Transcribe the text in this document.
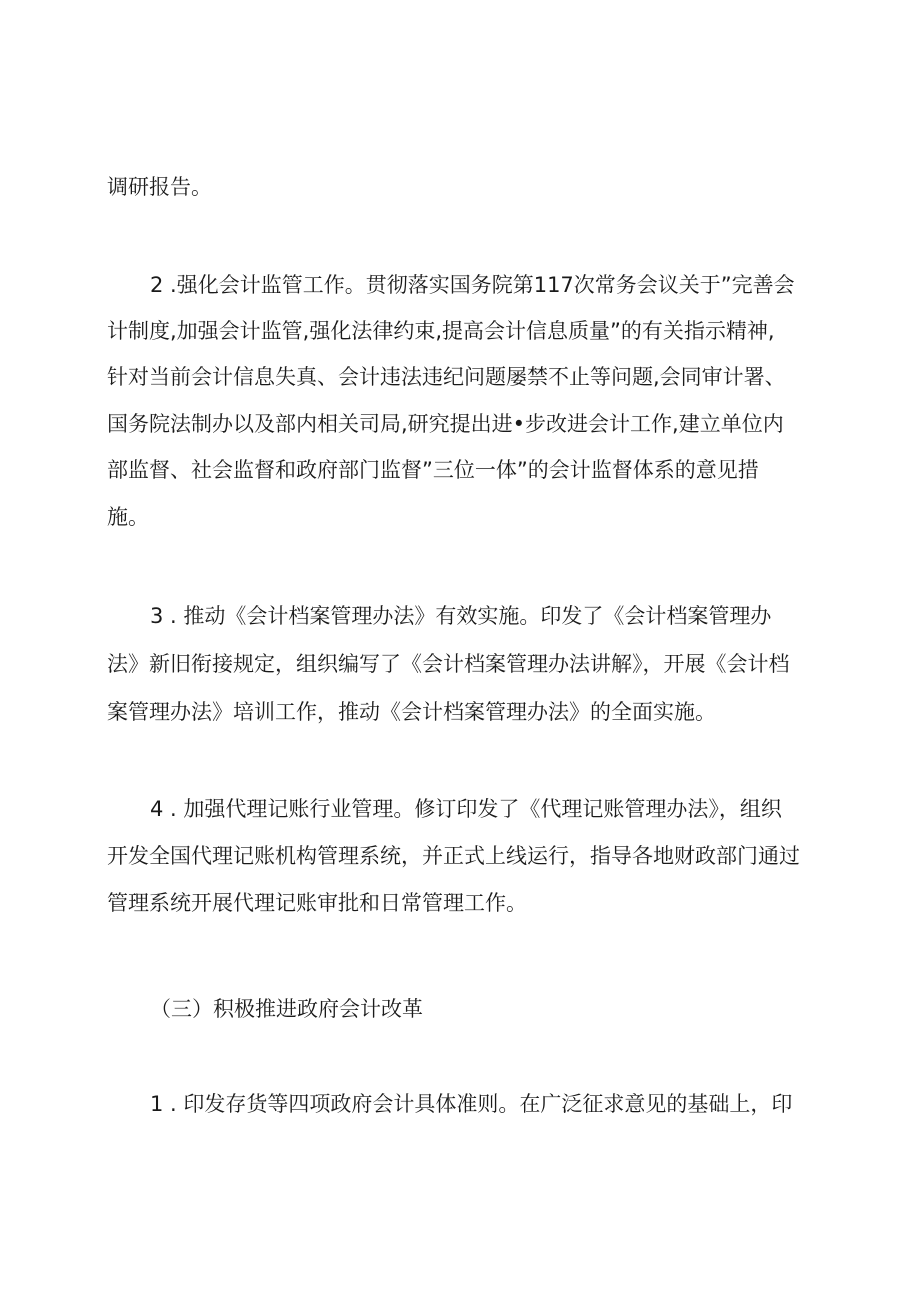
调研报告。
2 .强化会计监管工作。贯彻落实国务院第117次常务会议关于”完善会
计制度,加强会计监管,强化法律约束,提高会计信息质量”的有关指示精神,
针对当前会计信息失真、会计违法违纪问题屡禁不止等问题,会同审计署、
国务院法制办以及部内相关司局,研究提出进•步改进会计工作,建立单位内
部监督、社会监督和政府部门监督”三位一体”的会计监督体系的意见措
施。
3 . 推动《会计档案管理办法》有效实施。印发了《会计档案管理办
法》新旧衔接规定，组织编写了《会计档案管理办法讲解》，开展《会计档
案管理办法》培训工作，推动《会计档案管理办法》的全面实施。
4 . 加强代理记账行业管理。修订印发了《代理记账管理办法》，组织
开发全国代理记账机构管理系统，并正式上线运行，指导各地财政部门通过
管理系统开展代理记账审批和日常管理工作。
（三）积极推进政府会计改革
1 . 印发存货等四项政府会计具体准则。在广泛征求意见的基础上，印
